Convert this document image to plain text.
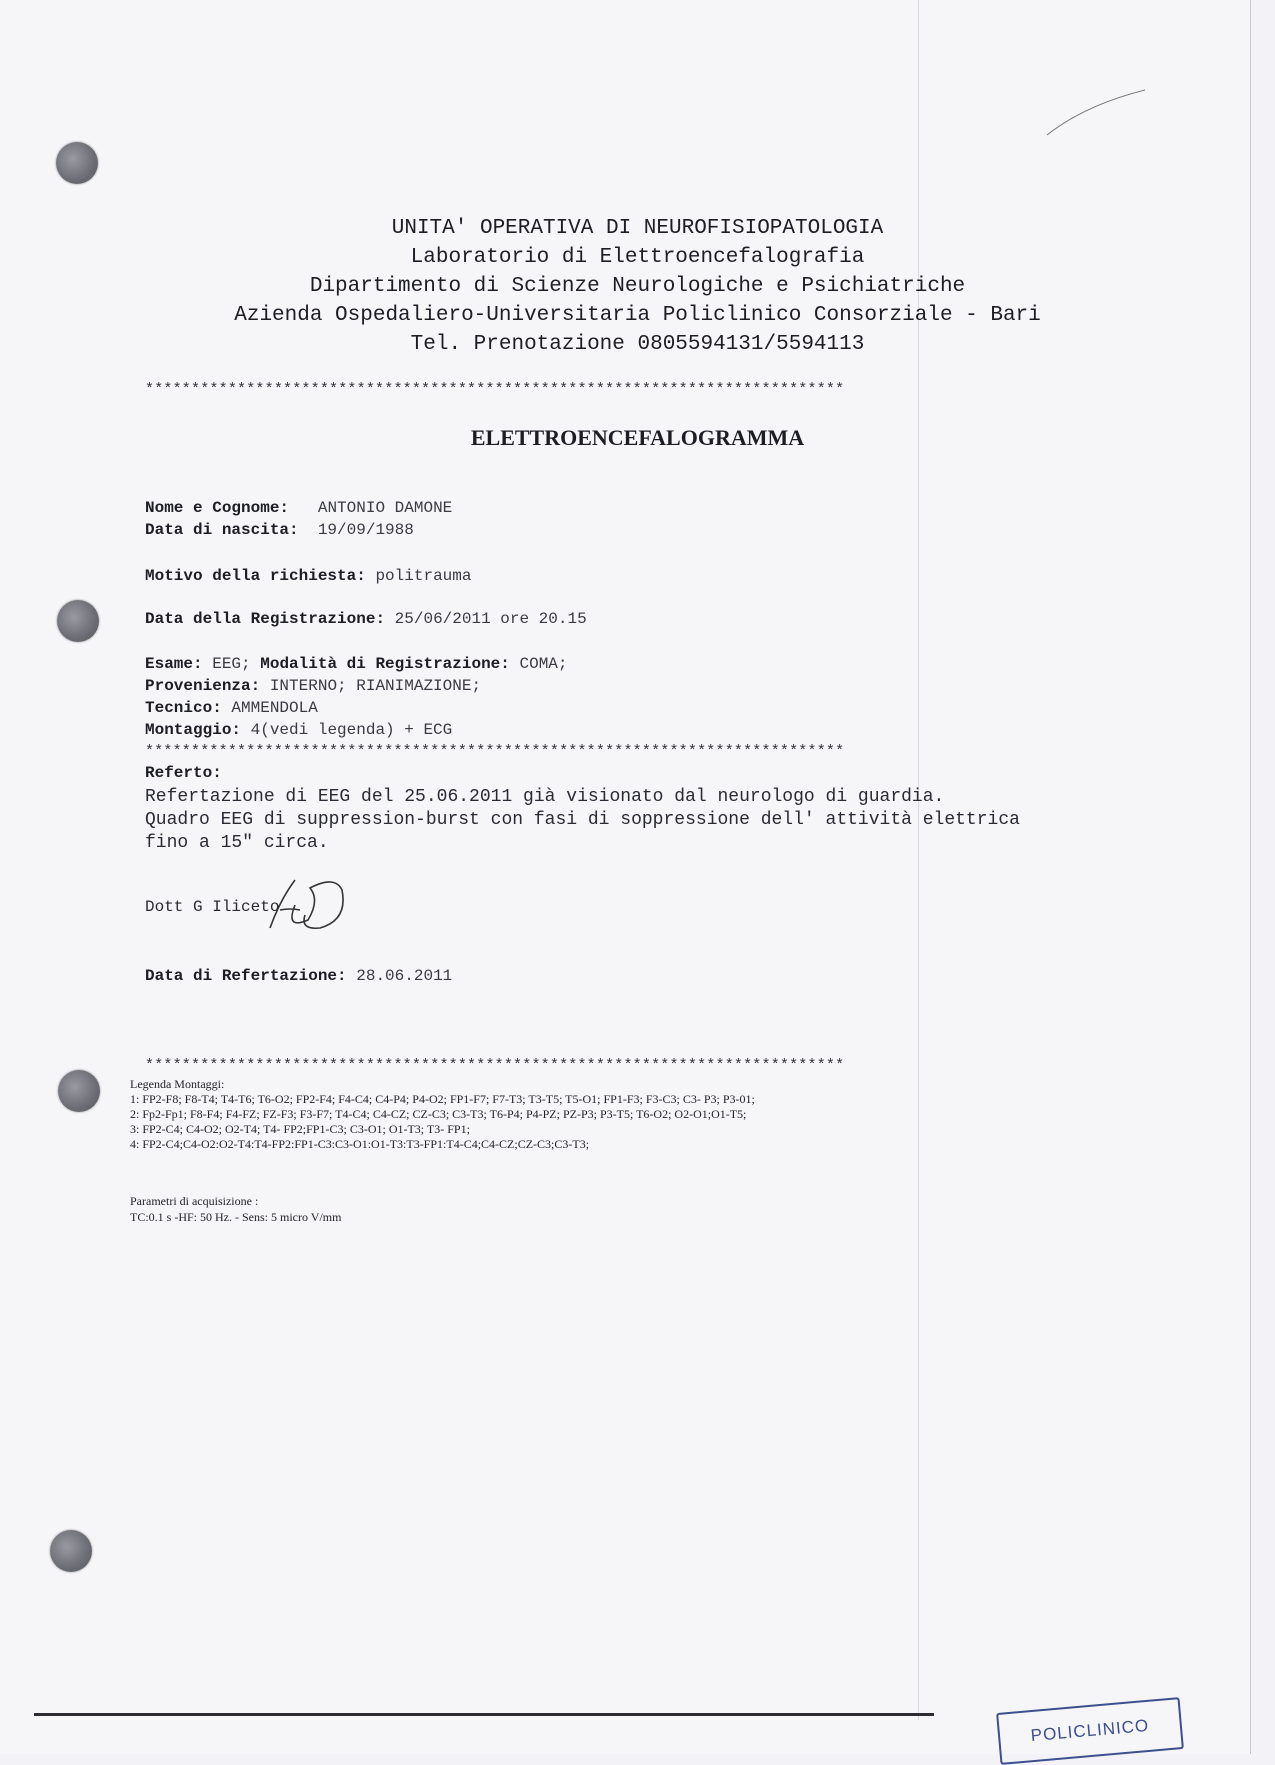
UNITA' OPERATIVA DI NEUROFISIOPATOLOGIA
Laboratorio di Elettroencefalografia
Dipartimento di Scienze Neurologiche e Psichiatriche
Azienda Ospedaliero-Universitaria Policlinico Consorziale - Bari
Tel. Prenotazione 0805594131/5594113
****************************************************************************
ELETTROENCEFALOGRAMMA
Nome e Cognome: ANTONIO DAMONE
Data di nascita: 19/09/1988
Motivo della richiesta: politrauma
Data della Registrazione: 25/06/2011 ore 20.15
Esame: EEG; Modalità di Registrazione: COMA;
Provenienza: INTERNO; RIANIMAZIONE;
Tecnico: AMMENDOLA
Montaggio: 4(vedi legenda) + ECG
****************************************************************************
Referto:
Refertazione di EEG del 25.06.2011 già visionato dal neurologo di guardia.
Quadro EEG di suppression-burst con fasi di soppressione dell' attività elettrica
fino a 15" circa.
Dott G Iliceto
Data di Refertazione: 28.06.2011
****************************************************************************
Legenda Montaggi:
1: FP2-F8; F8-T4; T4-T6; T6-O2; FP2-F4; F4-C4; C4-P4; P4-O2; FP1-F7; F7-T3; T3-T5; T5-O1; FP1-F3; F3-C3; C3- P3; P3-01;
2: Fp2-Fp1; F8-F4; F4-FZ; FZ-F3; F3-F7; T4-C4; C4-CZ; CZ-C3; C3-T3; T6-P4; P4-PZ; PZ-P3; P3-T5; T6-O2; O2-O1;O1-T5;
3: FP2-C4; C4-O2; O2-T4; T4- FP2;FP1-C3; C3-O1; O1-T3; T3- FP1;
4: FP2-C4;C4-O2:O2-T4:T4-FP2:FP1-C3:C3-O1:O1-T3:T3-FP1:T4-C4;C4-CZ;CZ-C3;C3-T3;
Parametri di acquisizione :
TC:0.1 s -HF: 50 Hz. - Sens: 5 micro V/mm
POLICLINICO
